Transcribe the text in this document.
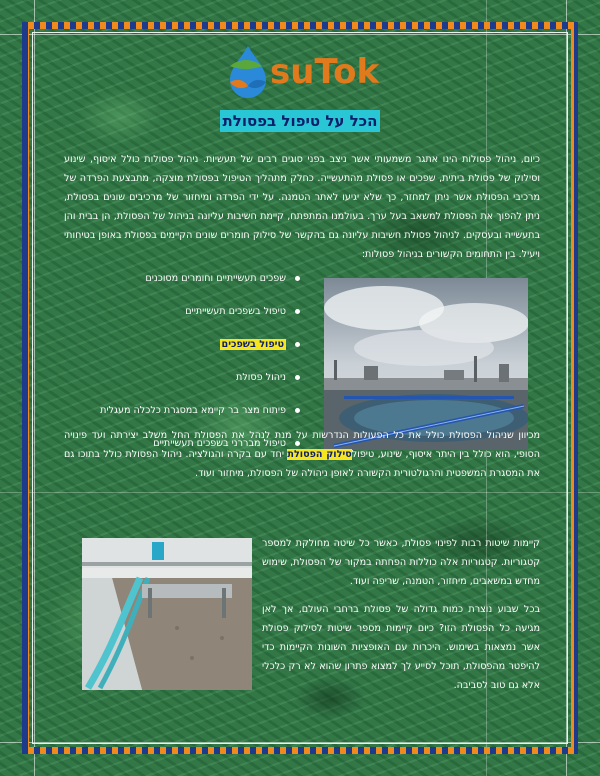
suTok
הכל על טיפול בפסולת

כיום, ניהול פסולות הינו אתגר משמעותי אשר ניצב בפני סוגים רבים של תעשיות. ניהול פסולות כולל איסוף, שינוע וסילוק של פסולת ביתית, שפכים או פסולת מהתעשייה. כחלק מתהליך הטיפול בפסולת מוצקה, מתבצעת הפרדה של מרכיבי הפסולת אשר ניתן למחזר, כך שלא יגיעו לאתר הטמנה. על ידי הפרדה ומיחזור של מרכיבים שונים בפסולת, ניתן להפוך את הפסולת למשאב בעל ערך. בעולמנו המתפתח, קיימת חשיבות עליונה בניהול של הפסולת, הן בבית והן בתעשייה ובעסקים. לניהול פסולת חשיבות עליונה גם בהקשר של סילוק חומרים שונים הקיימים בפסולת באופן בטיחותי ויעיל. בין התחומים הקשורים בניהול פסולות:

שפכים תעשייתיים וחומרים מסוכנים
טיפול בשפכים תעשייתיים
טיפול בשפכים
ניהול פסולת
פיתוח מצר בר קיימא במסגרת כלכלה מעגלית
טיפול מבררני בשפכים תעשייתיים

מכיוון שניהול הפסולת כולל את כל הפעולות הנדרשות על מנת לנהל את הפסולת החל משלב יצירתה ועד פינויה הסופי, הוא כולל בין היתר איסוף, שינוע, טיפולסילוק הפסולת יחד עם בקרה והגולציה. ניהול הפסולת כולל בתוכו גם את המסגרת המשפטית והרגולטורית הקשורה לאופן ניהולה של הפסולת, מיחזור ועוד.

קיימות שיטות רבות לפינוי פסולת, כאשר כל שיטה מחולקת למספר קטגוריות. קטגוריות אלה כוללות הפחתה במקור של הפסולת, שימוש מחדש במשאבים, מיחזור, הטמנה, שריפה ועוד.

בכל שבוע נוצרת כמות גדולה של פסולת ברחבי העולם, אך לאן מגיעה כל הפסולת הזו? כיום קיימות מספר שיטות לסילוק פסולת אשר נמצאות בשימוש. היכרות עם האופציות השונות הקיימות כדי להיפטר מהפסולת, תוכל לסייע לך למצוא פתרון שהוא לא רק כלכלי אלא גם טוב לסביבה.
